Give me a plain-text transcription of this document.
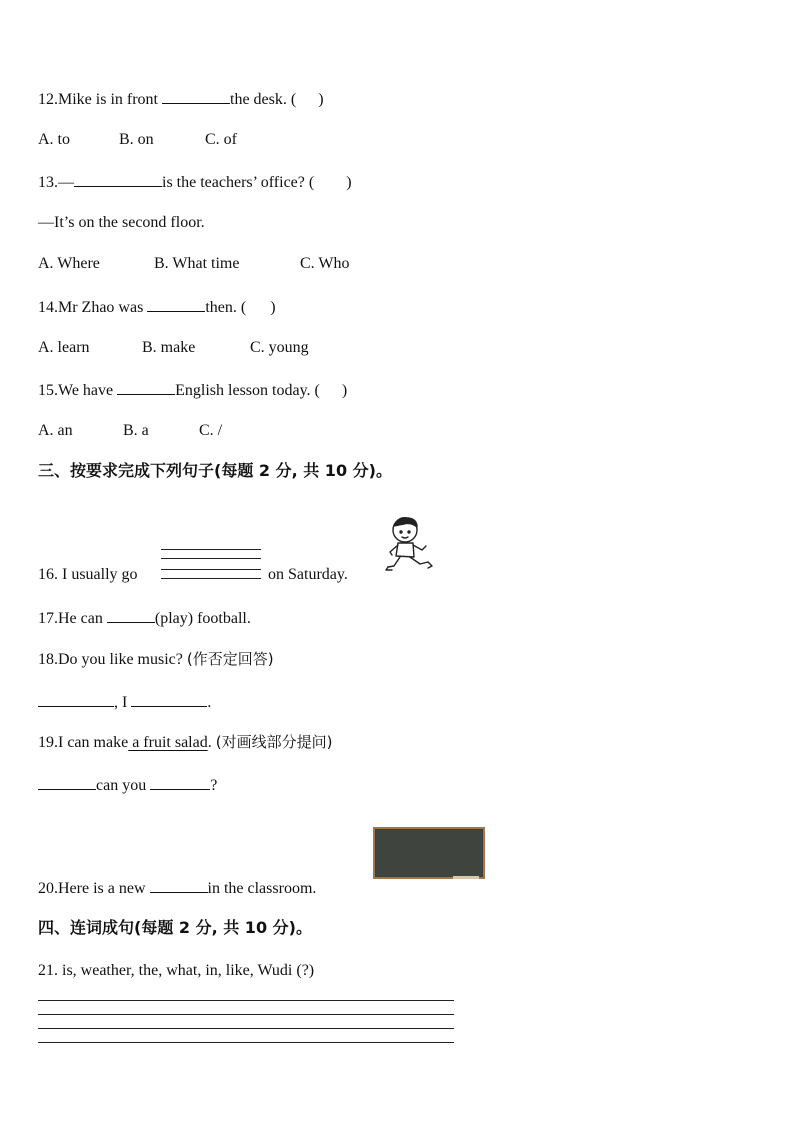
12.Mike is in front	the desk. ( )
A. to	B. on	C. of
13.—	is the teachers’ office? ( )
—It’s on the second floor.
A. Where	B. What time	C. Who
14.Mr Zhao was	then. ( )
A. learn	B. make	C. young
15.We have	English lesson today. ( )
A. an	B. a	C. /
三、按要求完成下列句子(每题 2 分, 共 10 分)。
16. I usually go	on Saturday.
17.He can	(play) football.
18.Do you like music? (作否定回答)
, I	.
19.I can make a fruit salad. (对画线部分提问)
can you	?
20.Here is a new	in the classroom.
四、连词成句(每题 2 分, 共 10 分)。
21. is, weather, the, what, in, like, Wudi (?)
